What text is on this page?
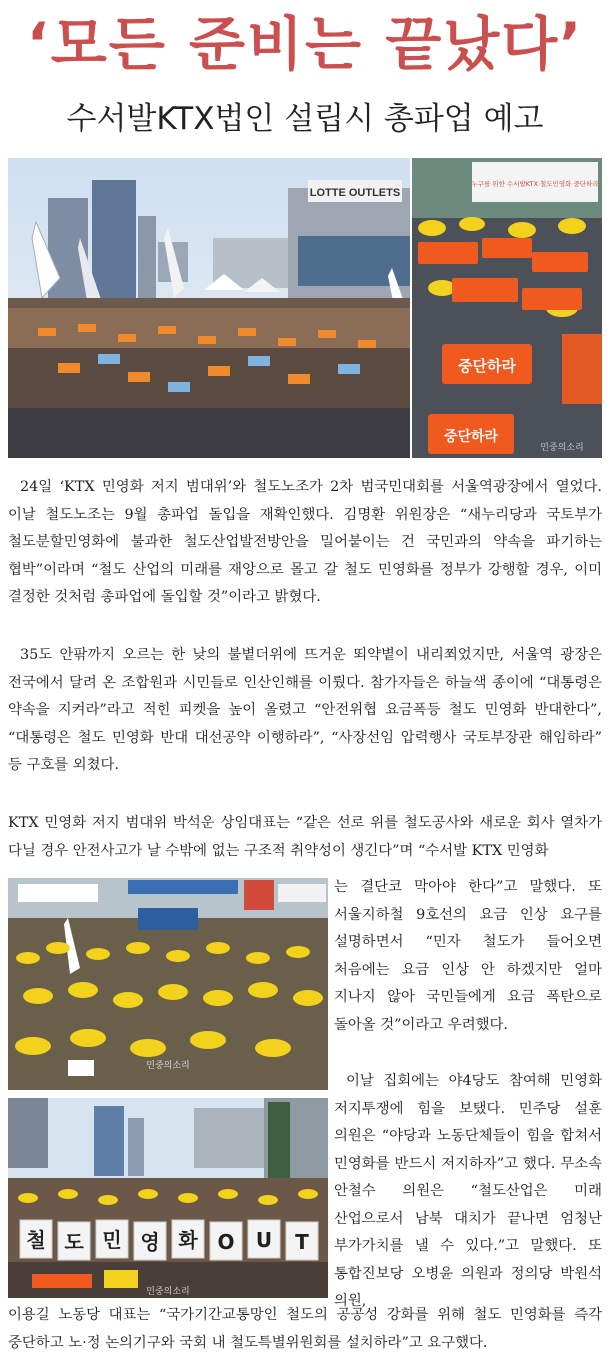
‘모든 준비는 끝났다’
수서발KTX법인 설립시 총파업 예고
LOTTE OUTLETS
누구를 위한 수서발KTX 철도민영화 중단하라
중단하라
중단하라
민중의소리

24일 ‘KTX 민영화 저지 범대위’와 철도노조가 2차 범국민대회를 서울역광장에서 열었다. 이날 철도노조는 9월 총파업 돌입을 재확인했다. 김명환 위원장은 “새누리당과 국토부가 철도분할민영화에 불과한 철도산업발전방안을 밀어붙이는 건 국민과의 약속을 파기하는 협박”이라며 “철도 산업의 미래를 재앙으로 몰고 갈 철도 민영화를 정부가 강행할 경우, 이미 결정한 것처럼 총파업에 돌입할 것”이라고 밝혔다.

35도 안팎까지 오르는 한 낮의 불볕더위에 뜨거운 뙤약볕이 내리쬐었지만, 서울역 광장은 전국에서 달려 온 조합원과 시민들로 인산인해를 이뤘다. 참가자들은 하늘색 종이에 “대통령은 약속을 지켜라”라고 적힌 피켓을 높이 올렸고 “안전위협 요금폭등 철도 민영화 반대한다”, “대통령은 철도 민영화 반대 대선공약 이행하라”, “사장선임 압력행사 국토부장관 해임하라” 등 구호를 외쳤다.

KTX 민영화 저지 범대위 박석운 상임대표는 “같은 선로 위를 철도공사와 새로운 회사 열차가 다닐 경우 안전사고가 날 수밖에 없는 구조적 취약성이 생긴다”며 “수서발 KTX 민영화

민중의소리

는 결단코 막아야 한다”고 말했다. 또 서울지하철 9호선의 요금 인상 요구를 설명하면서 “민자 철도가 들어오면 처음에는 요금 인상 안 하겠지만 얼마 지나지 않아 국민들에게 요금 폭탄으로 돌아올 것”이라고 우려했다.

이날 집회에는 야4당도 참여해 민영화 저지투쟁에 힘을 보탰다. 민주당 설훈 의원은 “야당과 노동단체들이 힘을 합쳐서 민영화를 반드시 저지하자”고 했다. 무소속 안철수 의원은 “철도산업은 미래 산업으로서 남북 대치가 끝나면 엄청난 부가가치를 낼 수 있다.”고 말했다. 또 통합진보당 오병윤 의원과 정의당 박원석 의원,

철 도 민 영 화 O U T
민중의소리

이용길 노동당 대표는 “국가기간교통망인 철도의 공공성 강화를 위해 철도 민영화를 즉각 중단하고 노·정 논의기구와 국회 내 철도특별위원회를 설치하라”고 요구했다.
